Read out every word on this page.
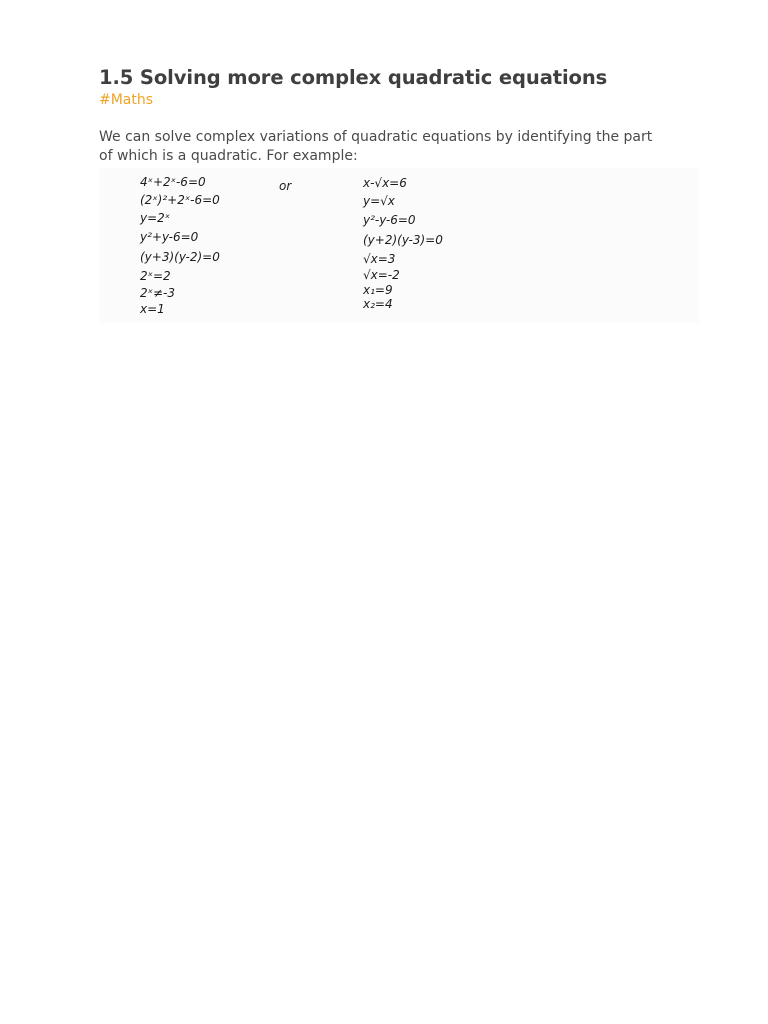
1.5 Solving more complex quadratic equations
#Maths
We can solve complex variations of quadratic equations by identifying the part of which is a quadratic. For example:
4ˣ+2ˣ-6=0
(2ˣ)²+2ˣ-6=0
y=2ˣ
y²+y-6=0
(y+3)(y-2)=0
2ˣ=2
2ˣ≠-3
x=1
or	x-√x=6
y=√x
y²-y-6=0
(y+2)(y-3)=0
√x=3
√x=-2
x₁=9
x₂=4
